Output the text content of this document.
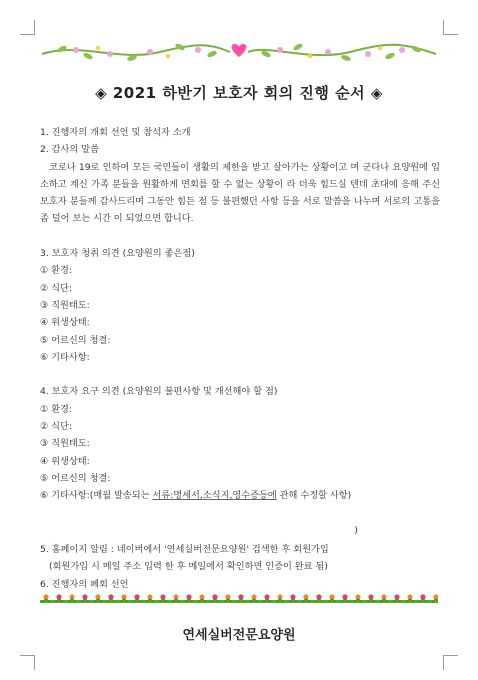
◈ 2021 하반기 보호자 회의 진행 순서 ◈

1. 진행자의 개회 선언 및 참석자 소개

2. 감사의 말씀

코로나 19로 인하여 모든 국민들이 생활의 제한을 받고 살아가는 상황이고 며 군다나 요양원에 입소하고 계신 가족 분들을 원활하게 면회를 할 수 없는 상황이 라 더욱 힘드실 텐데 초대에 응해 주신 보호자 분들께 감사드리며 그동안 힘든 점 등 불편했던 사항 등을 서로 말씀을 나누며 서로의 고통을 좀 덜어 보는 시간 이 되었으면 합니다.

3. 보호자 청취 의견 (요양원의 좋은점)

① 환경:

② 식단:

③ 직원태도:

④ 위생상태:

⑤ 어르신의 청결:

⑥ 기타사항:

4. 보호자 요구 의견 (요양원의 불편사항 및 개선해야 할 점)

① 환경:

② 식단:

③ 직원태도:

④ 위생상태:

⑤ 어르신의 청결:

⑥ 기타사항:(매월 발송되는 서류:명세서,소식지,영수증등에 관해 수정할 사항)

)

5. 홈페이지 알림 : 네이버에서 '연세실버전문요양원' 검색한 후 회원가입

(회원가입 시 메일 주소 입력 한 후 메일에서 확인하면 인증이 완료 됨)

6. 진행자의 폐회 선언

연세실버전문요양원
